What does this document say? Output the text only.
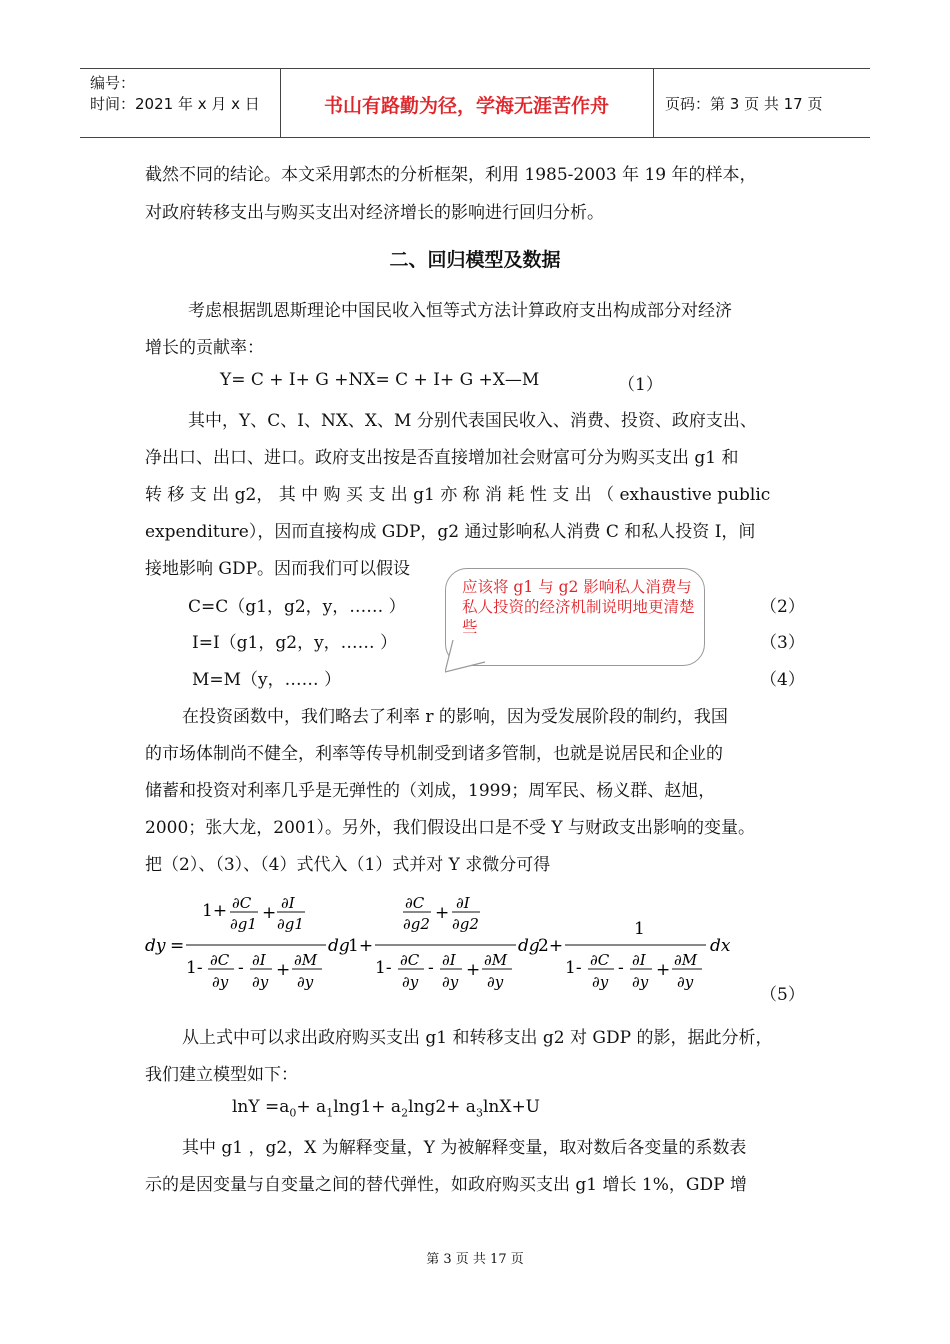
编号：
时间：2021 年 x 月 x 日	书山有路勤为径，学海无涯苦作舟	页码：第 3 页 共 17 页
截然不同的结论。本文采用郭杰的分析框架，利用 1985-2003 年 19 年的样本，
对政府转移支出与购买支出对经济增长的影响进行回归分析。
二、回归模型及数据
考虑根据凯恩斯理论中国民收入恒等式方法计算政府支出构成部分对经济
增长的贡献率：
Y= C + I+ G +NX= C + I+ G +X—M	（1）
其中，Y、C、I、NX、X、M 分别代表国民收入、消费、投资、政府支出、
净出口、出口、进口。政府支出按是否直接增加社会财富可分为购买支出 g1 和
转 移 支 出 g2， 其 中 购 买 支 出 g1 亦 称 消 耗 性 支 出 （ exhaustive public
expenditure），因而直接构成 GDP，g2 通过影响私人消费 C 和私人投资 I，间
接地影响 GDP。因而我们可以假设
C=C（g1，g2，y，…… ）	（2）
I=I（g1，g2，y，…… ）	（3）
M=M（y，…… ）	（4）
应该将 g1 与 g2 影响私人消费与私人投资的经济机制说明地更清楚些
在投资函数中，我们略去了利率 r 的影响，因为受发展阶段的制约，我国
的市场体制尚不健全，利率等传导机制受到诸多管制，也就是说居民和企业的
储蓄和投资对利率几乎是无弹性的（刘成，1999；周军民、杨义群、赵旭，
2000；张大龙，2001）。另外，我们假设出口是不受 Y 与财政支出影响的变量。
把（2）、（3）、（4）式代入（1）式并对 Y 求微分可得
dy =
1+ ∂C
∂g1
+ ∂I
∂g1
1- ∂C
∂y
- ∂I
∂y
+ ∂M
∂y
dg
1+
∂C
∂g2
+ ∂I
∂g2
1- ∂C
∂y
- ∂I
∂y
+ ∂M
∂y
dg
2+
1
1- ∂C
∂y
- ∂I
∂y
+ ∂M
∂y
dx
（5）
从上式中可以求出政府购买支出 g1 和转移支出 g2 对 GDP 的影，据此分析，
我们建立模型如下：
$\ln Y =a_0+ a_1\ln g1+ a_2\ln g2+ a_3\ln X+U$
其中 g1 ，g2，X 为解释变量，Y 为被解释变量，取对数后各变量的系数表
示的是因变量与自变量之间的替代弹性，如政府购买支出 g1 增长 1%，GDP 增
第 3 页 共 17 页
